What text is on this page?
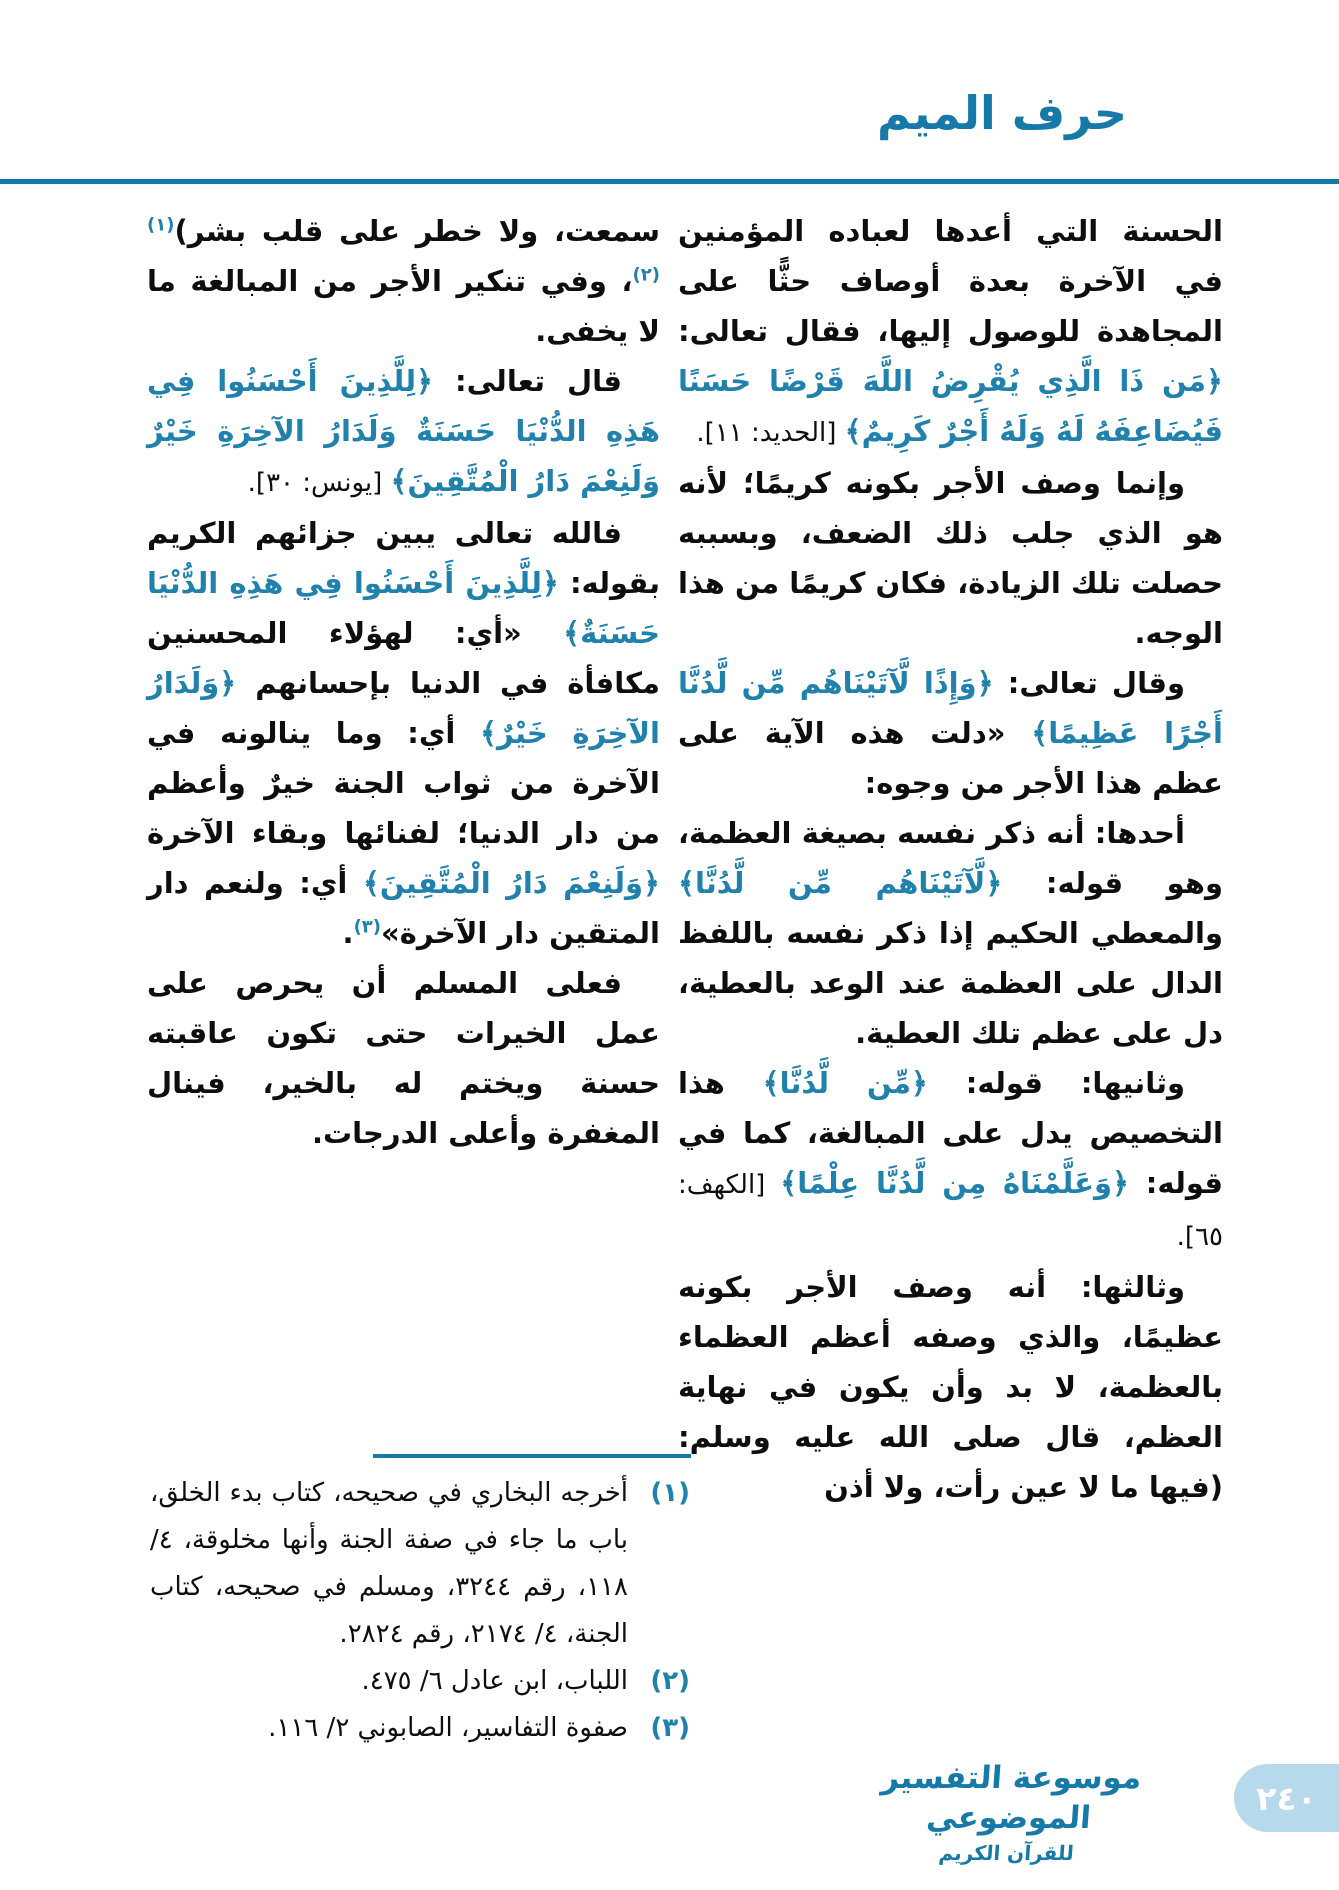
حرف الميم

الحسنة التي أعدها لعباده المؤمنين في الآخرة بعدة أوصاف حثًّا على المجاهدة للوصول إليها، فقال تعالى: ﴿مَن ذَا الَّذِي يُقْرِضُ اللَّهَ قَرْضًا حَسَنًا فَيُضَاعِفَهُ لَهُ وَلَهُ أَجْرٌ كَرِيمٌ﴾ [الحديد: ١١].

وإنما وصف الأجر بكونه كريمًا؛ لأنه هو الذي جلب ذلك الضعف، وبسببه حصلت تلك الزيادة، فكان كريمًا من هذا الوجه.

وقال تعالى: ﴿وَإِذًا لَّآتَيْنَاهُم مِّن لَّدُنَّا أَجْرًا عَظِيمًا﴾ «دلت هذه الآية على عظم هذا الأجر من وجوه:

أحدها: أنه ذكر نفسه بصيغة العظمة، وهو قوله: ﴿لَّآتَيْنَاهُم مِّن لَّدُنَّا﴾ والمعطي الحكيم إذا ذكر نفسه باللفظ الدال على العظمة عند الوعد بالعطية، دل على عظم تلك العطية.

وثانيها: قوله: ﴿مِّن لَّدُنَّا﴾ هذا التخصيص يدل على المبالغة، كما في قوله: ﴿وَعَلَّمْنَاهُ مِن لَّدُنَّا عِلْمًا﴾ [الكهف: ٦٥].

وثالثها: أنه وصف الأجر بكونه عظيمًا، والذي وصفه أعظم العظماء بالعظمة، لا بد وأن يكون في نهاية العظم، قال صلى الله عليه وسلم: (فيها ما لا عين رأت، ولا أذن

سمعت، ولا خطر على قلب بشر)$^{(١)(٢)}$، وفي تنكير الأجر من المبالغة ما لا يخفى.

قال تعالى: ﴿لِلَّذِينَ أَحْسَنُوا فِي هَذِهِ الدُّنْيَا حَسَنَةٌ وَلَدَارُ الآخِرَةِ خَيْرٌ وَلَنِعْمَ دَارُ الْمُتَّقِينَ﴾ [يونس: ٣٠].

فالله تعالى يبين جزائهم الكريم بقوله: ﴿لِلَّذِينَ أَحْسَنُوا فِي هَذِهِ الدُّنْيَا حَسَنَةٌ﴾ «أي: لهؤلاء المحسنين مكافأة في الدنيا بإحسانهم ﴿وَلَدَارُ الآخِرَةِ خَيْرٌ﴾ أي: وما ينالونه في الآخرة من ثواب الجنة خيرٌ وأعظم من دار الدنيا؛ لفنائها وبقاء الآخرة ﴿وَلَنِعْمَ دَارُ الْمُتَّقِينَ﴾ أي: ولنعم دار المتقين دار الآخرة»$^{(٣)}$.

فعلى المسلم أن يحرص على عمل الخيرات حتى تكون عاقبته حسنة ويختم له بالخير، فينال المغفرة وأعلى الدرجات.

(١)
أخرجه البخاري في صحيحه، كتاب بدء الخلق، باب ما جاء في صفة الجنة وأنها مخلوقة، ٤/ ١١٨، رقم ٣٢٤٤، ومسلم في صحيحه، كتاب الجنة، ٤/ ٢١٧٤، رقم ٢٨٢٤.
(٢)
اللباب، ابن عادل ٦/ ٤٧٥.
(٣)
صفوة التفاسير، الصابوني ٢/ ١١٦.
موسوعة التفسير الموضوعي
للقرآن الكريم
٢٤٠
